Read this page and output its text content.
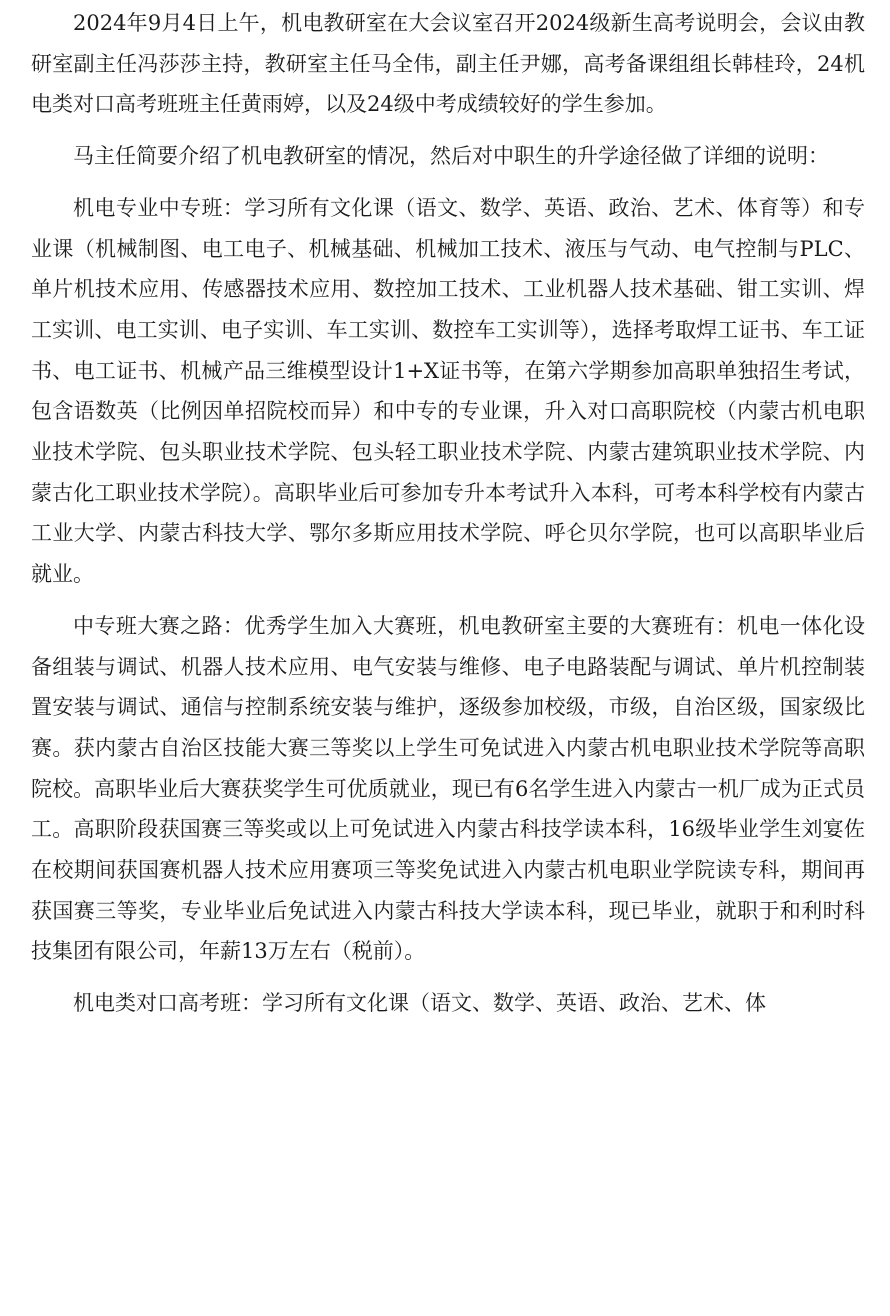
2024年9月4日上午，机电教研室在大会议室召开2024级新生高考说明会，会议由教研室副主任冯莎莎主持，教研室主任马全伟，副主任尹娜，高考备课组组长韩桂玲，24机电类对口高考班班主任黄雨婷，以及24级中考成绩较好的学生参加。

马主任简要介绍了机电教研室的情况，然后对中职生的升学途径做了详细的说明：

机电专业中专班：学习所有文化课（语文、数学、英语、政治、艺术、体育等）和专业课（机械制图、电工电子、机械基础、机械加工技术、液压与气动、电气控制与PLC、单片机技术应用、传感器技术应用、数控加工技术、工业机器人技术基础、钳工实训、焊工实训、电工实训、电子实训、车工实训、数控车工实训等），选择考取焊工证书、车工证书、电工证书、机械产品三维模型设计1+X证书等，在第六学期参加高职单独招生考试，包含语数英（比例因单招院校而异）和中专的专业课，升入对口高职院校（内蒙古机电职业技术学院、包头职业技术学院、包头轻工职业技术学院、内蒙古建筑职业技术学院、内蒙古化工职业技术学院）。高职毕业后可参加专升本考试升入本科，可考本科学校有内蒙古工业大学、内蒙古科技大学、鄂尔多斯应用技术学院、呼仑贝尔学院，也可以高职毕业后就业。

中专班大赛之路：优秀学生加入大赛班，机电教研室主要的大赛班有：机电一体化设备组装与调试、机器人技术应用、电气安装与维修、电子电路装配与调试、单片机控制装置安装与调试、通信与控制系统安装与维护，逐级参加校级，市级，自治区级，国家级比赛。获内蒙古自治区技能大赛三等奖以上学生可免试进入内蒙古机电职业技术学院等高职院校。高职毕业后大赛获奖学生可优质就业，现已有6名学生进入内蒙古一机厂成为正式员工。高职阶段获国赛三等奖或以上可免试进入内蒙古科技学读本科，16级毕业学生刘宴佐在校期间获国赛机器人技术应用赛项三等奖免试进入内蒙古机电职业学院读专科，期间再获国赛三等奖，专业毕业后免试进入内蒙古科技大学读本科，现已毕业，就职于和利时科技集团有限公司，年薪13万左右（税前）。

机电类对口高考班：学习所有文化课（语文、数学、英语、政治、艺术、体
